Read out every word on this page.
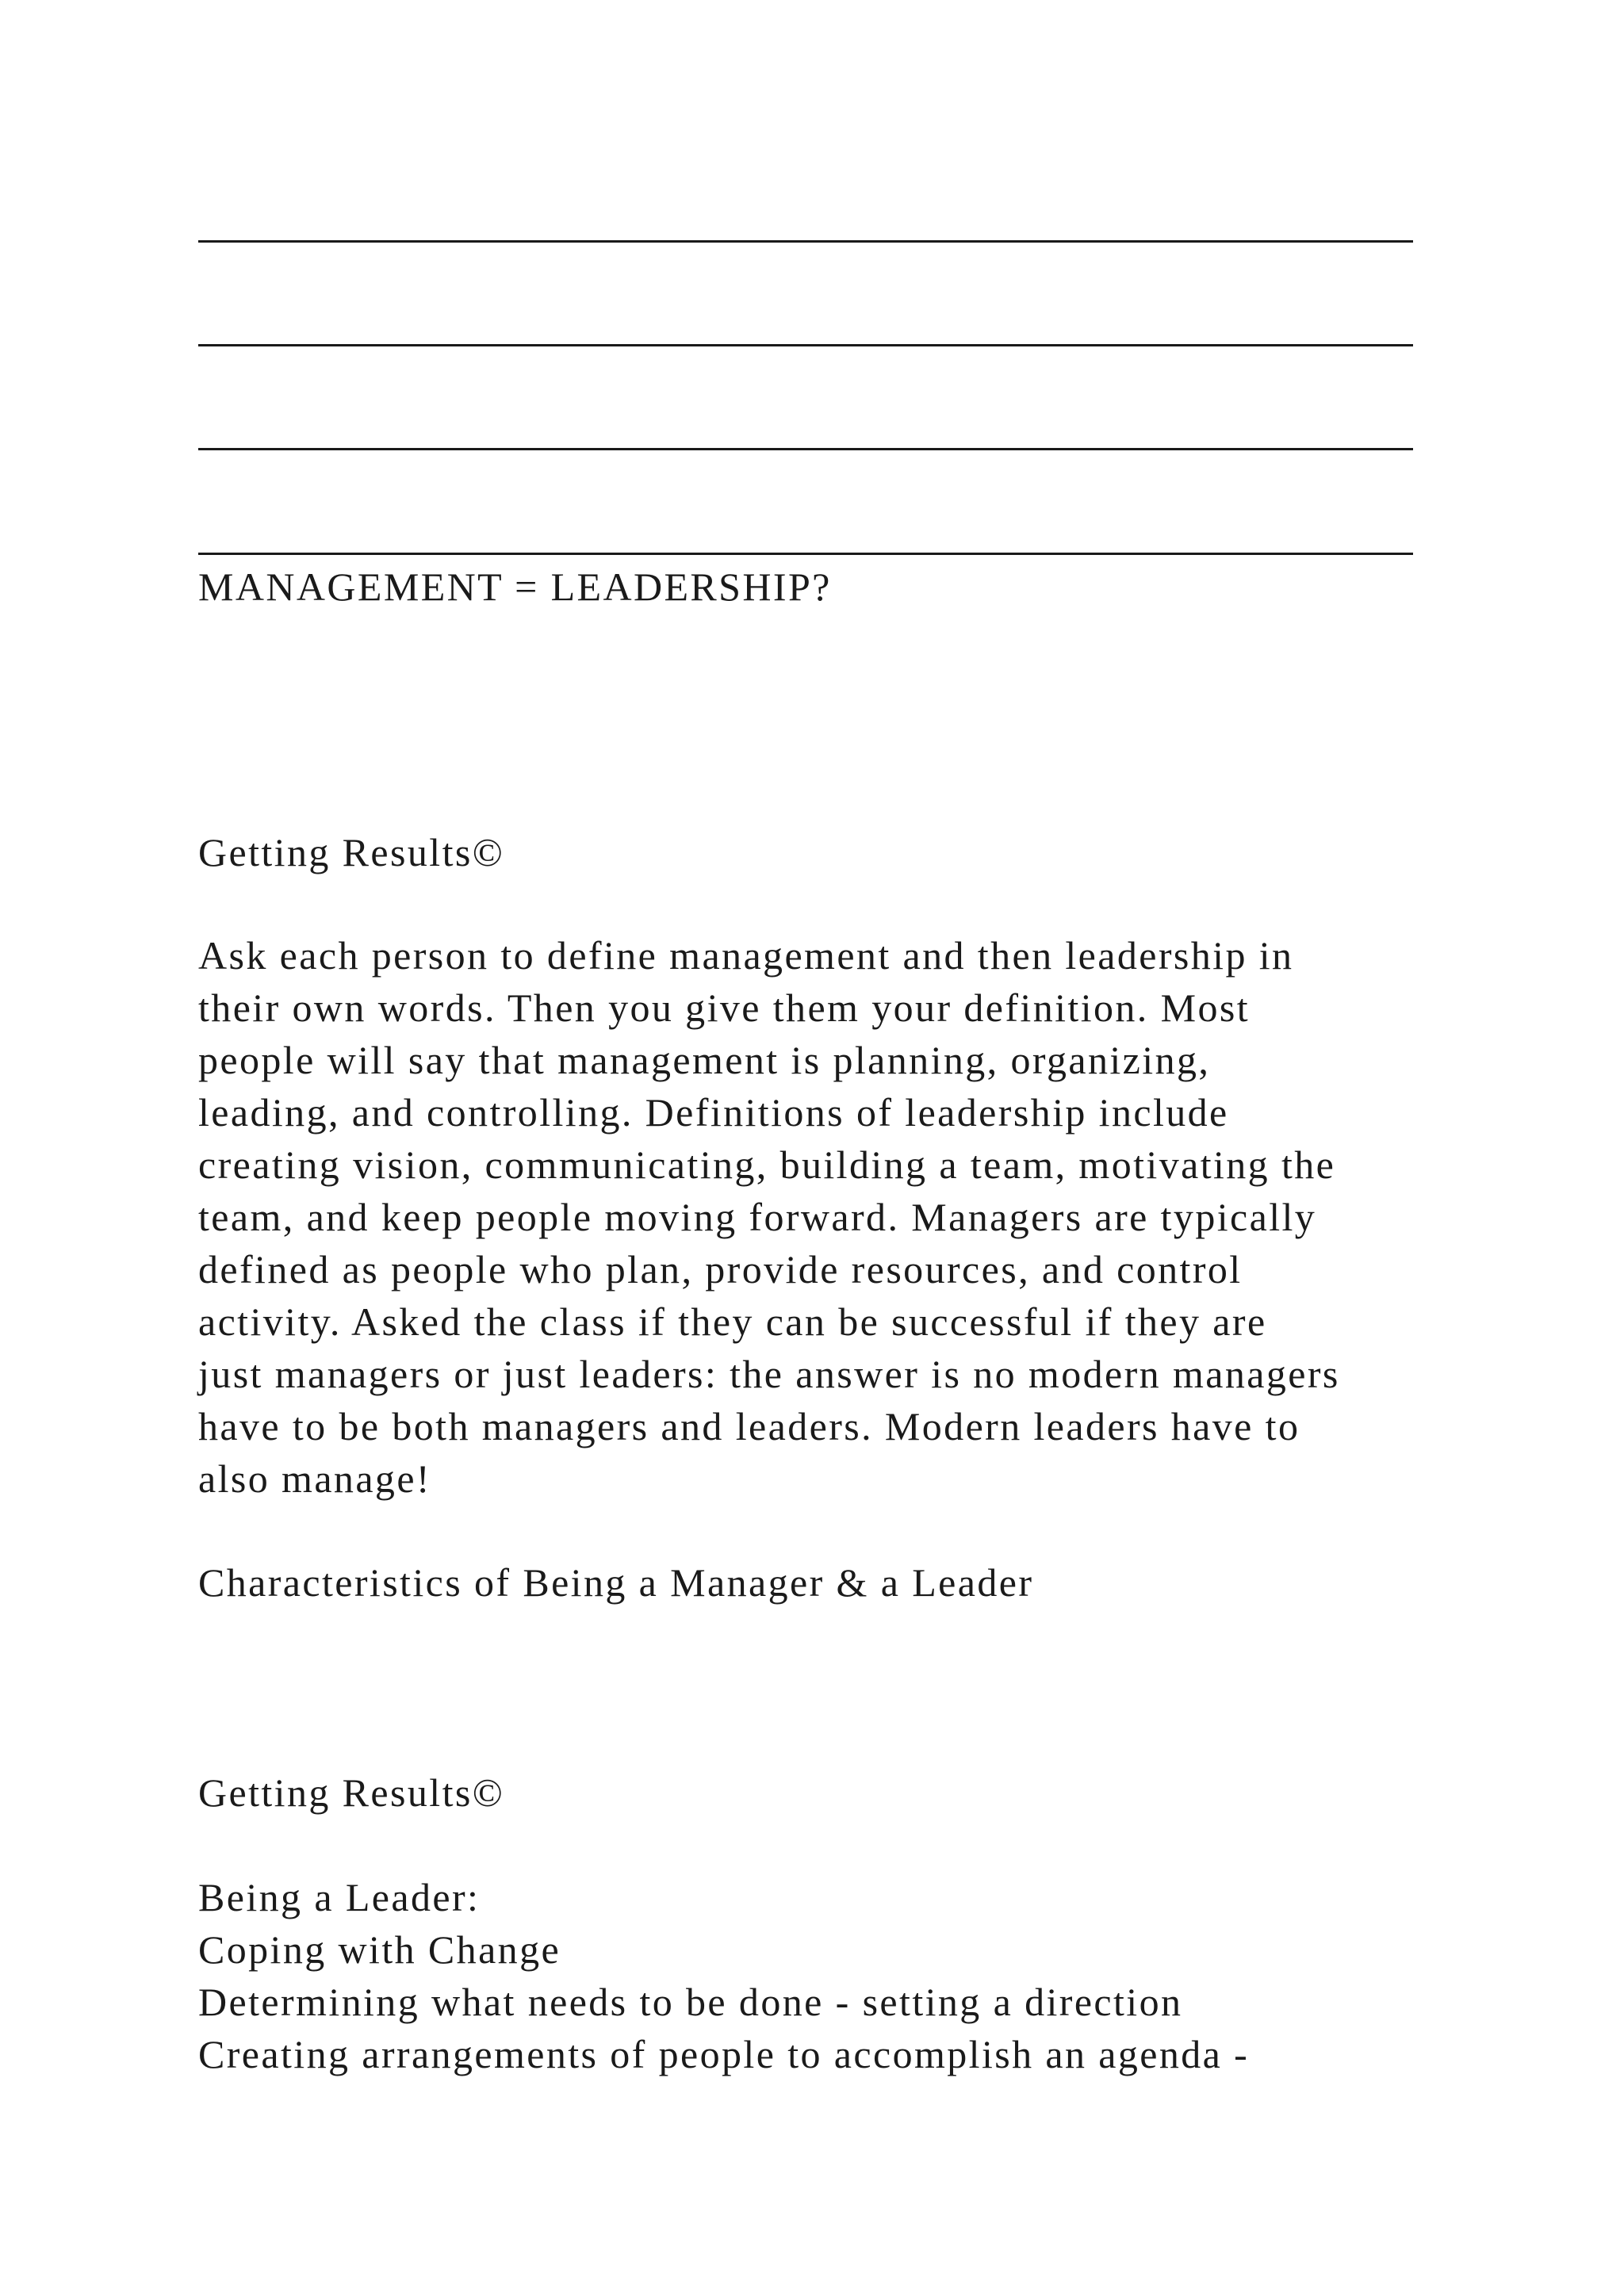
MANAGEMENT = LEADERSHIP?
Getting Results©
Ask each person to define management and then leadership in
their own words. Then you give them your definition. Most
people will say that management is planning, organizing,
leading, and controlling. Definitions of leadership include
creating vision, communicating, building a team, motivating the
team, and keep people moving forward. Managers are typically
defined as people who plan, provide resources, and control
activity. Asked the class if they can be successful if they are
just managers or just leaders: the answer is no modern managers
have to be both managers and leaders. Modern leaders have to
also manage!
Characteristics of Being a Manager & a Leader
Getting Results©
Being a Leader:
Coping with Change
Determining what needs to be done - setting a direction
Creating arrangements of people to accomplish an agenda -
